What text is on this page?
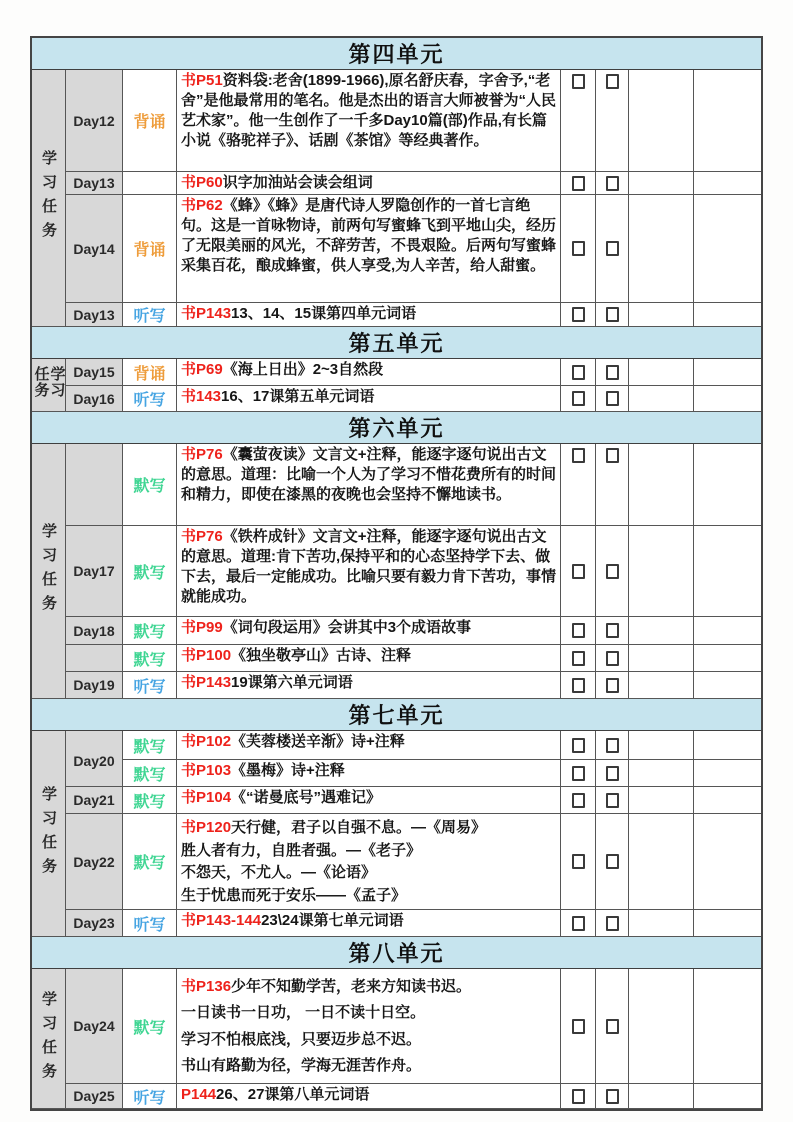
第四单元
学习任务
Day12 背诵
书P51资料袋:老舍(1899-1966),原名舒庆春，字舍予,“老舍”是他最常用的笔名。他是杰出的语言大师被誉为“人民艺术家”。他一生创作了一千多Day10篇(部)作品,有长篇小说《骆驼祥子》、话剧《茶馆》等经典著作。
Day13	书P60识字加油站会读会组词
Day14 背诵
书P62《蜂》《蜂》是唐代诗人罗隐创作的一首七言绝句。这是一首咏物诗，前两句写蜜蜂飞到平地山尖，经历了无限美丽的风光，不辞劳苦，不畏艰险。后两句写蜜蜂采集百花，酿成蜂蜜，供人享受,为人辛苦，给人甜蜜。
Day13 听写 书P14313、14、15课第四单元词语
第五单元
学习任务	Day15 背诵 书P69《海上日出》2~3自然段
Day16 听写 书14316、17课第五单元词语
第六单元
学习任务
默写
书P76《囊萤夜读》文言文+注释，能逐字逐句说出古文的意思。道理：比喻一个人为了学习不惜花费所有的时间和精力，即使在漆黑的夜晚也会坚持不懈地读书。
Day17 默写
书P76《铁杵成针》文言文+注释，能逐字逐句说出古文的意思。道理:肯下苦功,保持平和的心态坚持学下去、做下去，最后一定能成功。比喻只要有毅力肯下苦功，事情就能成功。
Day18 默写 书P99《词句段运用》会讲其中3个成语故事
默写 书P100《独坐敬亭山》古诗、注释
Day19 听写 书P14319课第六单元词语
第七单元
学习任务
Day20
默写 书P102《芙蓉楼送辛渐》诗+注释
默写 书P103《墨梅》诗+注释
Day21 默写 书P104《“诺曼底号”遇难记》
Day22 默写
书P120天行健，君子以自强不息。—《周易》
胜人者有力，自胜者强。—《老子》
不怨天，不尤人。—《论语》
生于忧患而死于安乐——《孟子》
Day23 听写 书P143-14423\24课第七单元词语
第八单元
学习任务 Day24 默写
书P136少年不知勤学苦，老来方知读书迟。
一日读书一日功， 一日不读十日空。
学习不怕根底浅，只要迈步总不迟。
书山有路勤为径，学海无涯苦作舟。
Day25 听写 P14426、27课第八单元词语
